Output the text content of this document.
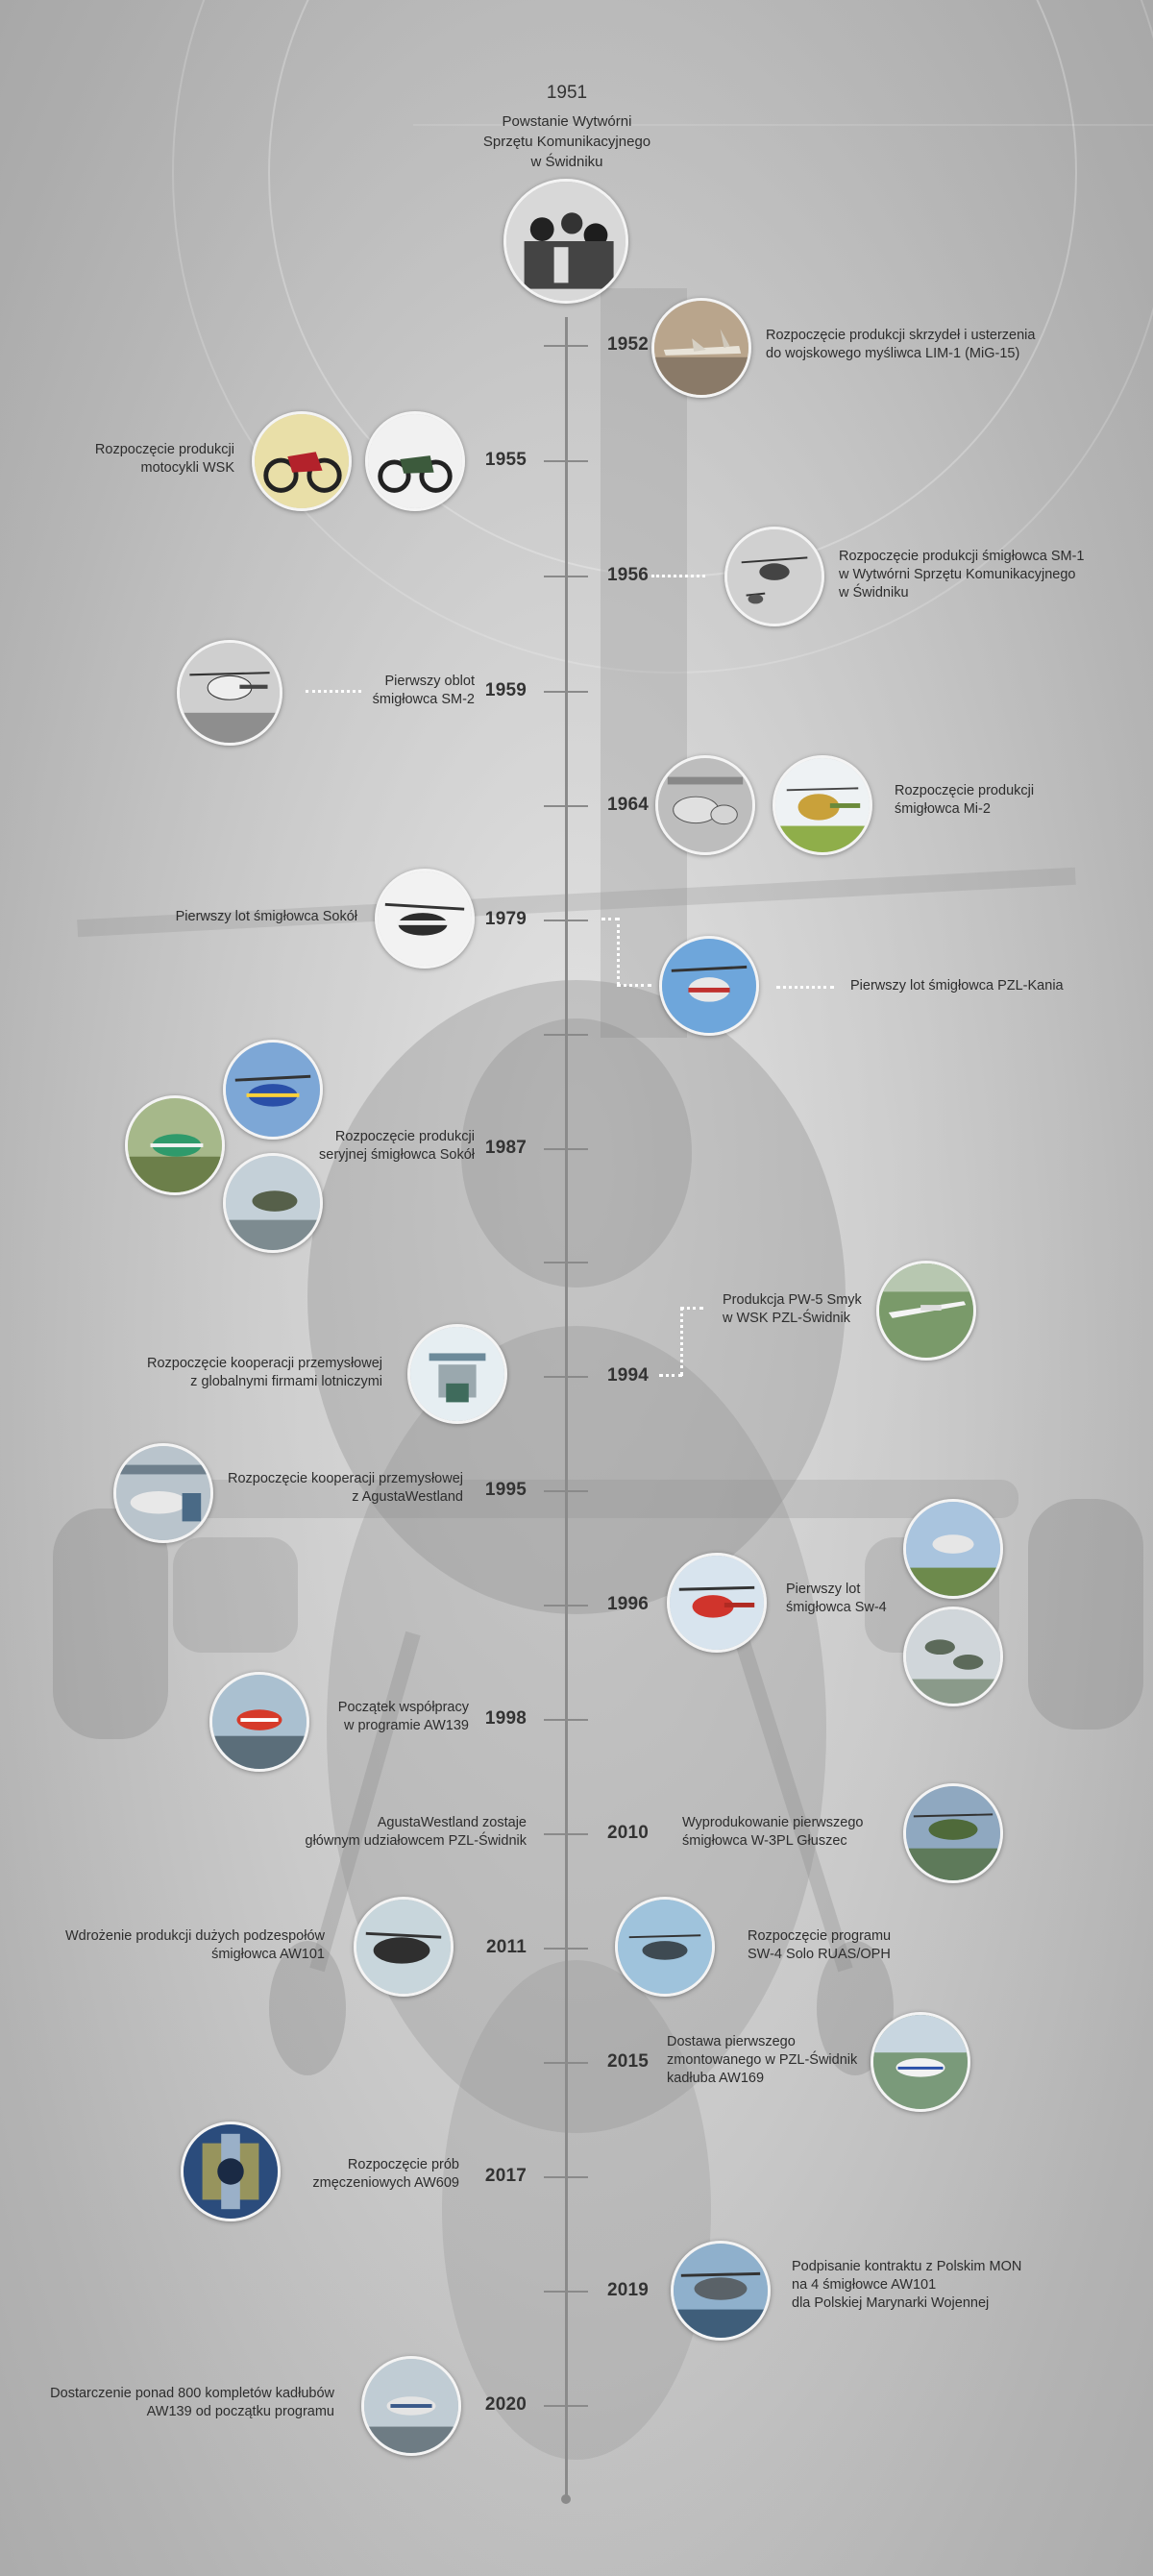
1951
Powstanie Wytwórni
Sprzętu Komunikacyjnego
w Świdniku
1952	Rozpoczęcie produkcji skrzydeł i usterzenia
do wojskowego myśliwca LIM-1 (MiG-15)
1955
Rozpoczęcie produkcji
motocykli WSK
1956
Rozpoczęcie produkcji śmigłowca SM-1
w Wytwórni Sprzętu Komunikacyjnego
w Świdniku
1959
Pierwszy oblot
śmigłowca SM-2
1964
Rozpoczęcie produkcji
śmigłowca Mi-2
1979
Pierwszy lot śmigłowca Sokół
Pierwszy lot śmigłowca PZL-Kania
1987
Rozpoczęcie produkcji
seryjnej śmigłowca Sokół
1994
Rozpoczęcie kooperacji przemysłowej
z globalnymi firmami lotniczymi
Produkcja PW-5 Smyk
w WSK PZL-Świdnik
1995
Rozpoczęcie kooperacji przemysłowej
z AgustaWestland
1996
Pierwszy lot
śmigłowca Sw-4
1998
Początek współpracy
w programie AW139
2010
AgustaWestland zostaje
głównym udziałowcem PZL-Świdnik
Wyprodukowanie pierwszego
śmigłowca W-3PL Głuszec
2011
Wdrożenie produkcji dużych podzespołów
śmigłowca AW101
Rozpoczęcie programu
SW-4 Solo RUAS/OPH
2015
Dostawa pierwszego
zmontowanego w PZL-Świdnik
kadłuba AW169
2017
Rozpoczęcie prób
zmęczeniowych AW609
2019
Podpisanie kontraktu z Polskim MON
na 4 śmigłowce AW101
dla Polskiej Marynarki Wojennej
2020
Dostarczenie ponad 800 kompletów kadłubów
AW139 od początku programu
